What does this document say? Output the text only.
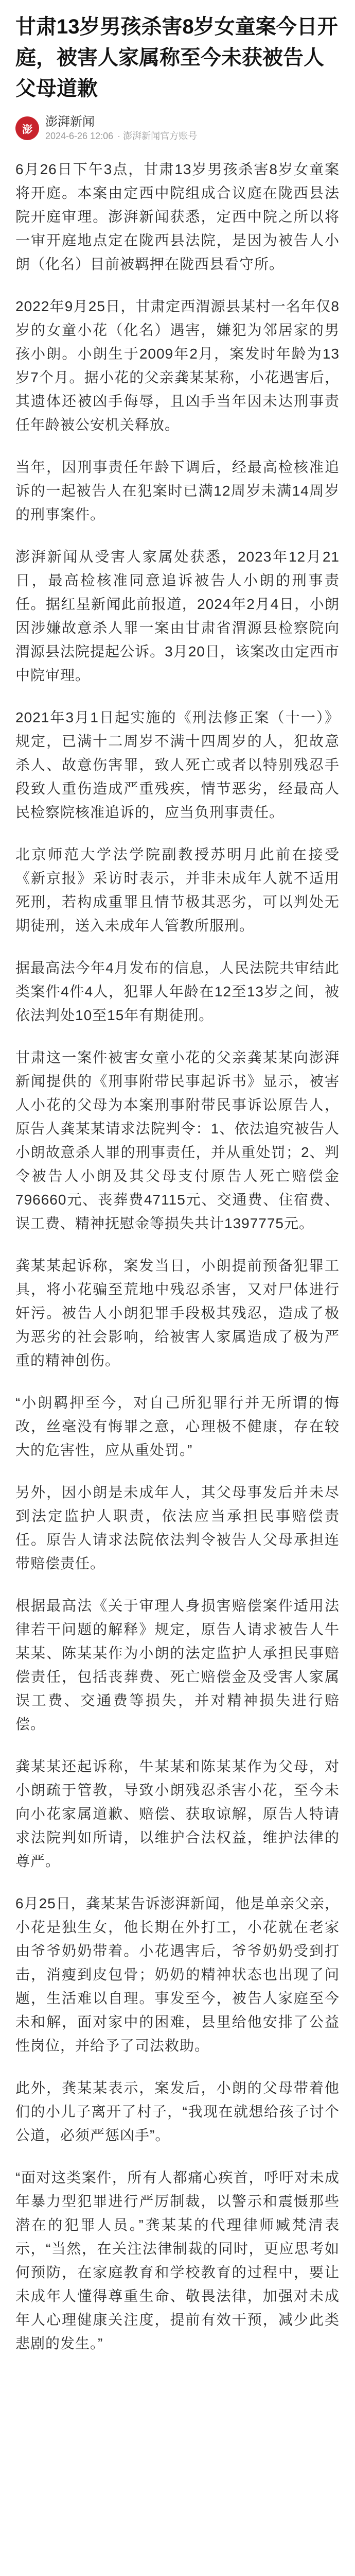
甘肃13岁男孩杀害8岁女童案今日开庭，被害人家属称至今未获被告人父母道歉
澎
澎湃新闻
2024-6-26 12:06 · 澎湃新闻官方账号

6月26日下午3点，甘肃13岁男孩杀害8岁女童案将开庭。本案由定西中院组成合议庭在陇西县法院开庭审理。澎湃新闻获悉，定西中院之所以将一审开庭地点定在陇西县法院，是因为被告人小朗（化名）目前被羁押在陇西县看守所。

2022年9月25日，甘肃定西渭源县某村一名年仅8岁的女童小花（化名）遇害，嫌犯为邻居家的男孩小朗。小朗生于2009年2月，案发时年龄为13岁7个月。据小花的父亲龚某某称，小花遇害后，其遗体还被凶手侮辱，且凶手当年因未达刑事责任年龄被公安机关释放。

当年，因刑事责任年龄下调后，经最高检核准追诉的一起被告人在犯案时已满12周岁未满14周岁的刑事案件。

澎湃新闻从受害人家属处获悉，2023年12月21日，最高检核准同意追诉被告人小朗的刑事责任。据红星新闻此前报道，2024年2月4日，小朗因涉嫌故意杀人罪一案由甘肃省渭源县检察院向渭源县法院提起公诉。3月20日，该案改由定西市中院审理。

2021年3月1日起实施的《刑法修正案（十一）》规定，已满十二周岁不满十四周岁的人，犯故意杀人、故意伤害罪，致人死亡或者以特别残忍手段致人重伤造成严重残疾，情节恶劣，经最高人民检察院核准追诉的，应当负刑事责任。

北京师范大学法学院副教授苏明月此前在接受《新京报》采访时表示，并非未成年人就不适用死刑，若构成重罪且情节极其恶劣，可以判处无期徒刑，送入未成年人管教所服刑。

据最高法今年4月发布的信息，人民法院共审结此类案件4件4人，犯罪人年龄在12至13岁之间，被依法判处10至15年有期徒刑。

甘肃这一案件被害女童小花的父亲龚某某向澎湃新闻提供的《刑事附带民事起诉书》显示，被害人小花的父母为本案刑事附带民事诉讼原告人，原告人龚某某请求法院判令：1、依法追究被告人小朗故意杀人罪的刑事责任，并从重处罚；2、判令被告人小朗及其父母支付原告人死亡赔偿金796660元、丧葬费47115元、交通费、住宿费、误工费、精神抚慰金等损失共计1397775元。

龚某某起诉称，案发当日，小朗提前预备犯罪工具，将小花骗至荒地中残忍杀害，又对尸体进行奸污。被告人小朗犯罪手段极其残忍，造成了极为恶劣的社会影响，给被害人家属造成了极为严重的精神创伤。

“小朗羁押至今，对自己所犯罪行并无所谓的悔改，丝毫没有悔罪之意，心理极不健康，存在较大的危害性，应从重处罚。”

另外，因小朗是未成年人，其父母事发后并未尽到法定监护人职责，依法应当承担民事赔偿责任。原告人请求法院依法判令被告人父母承担连带赔偿责任。

根据最高法《关于审理人身损害赔偿案件适用法律若干问题的解释》规定，原告人请求被告人牛某某、陈某某作为小朗的法定监护人承担民事赔偿责任，包括丧葬费、死亡赔偿金及受害人家属误工费、交通费等损失，并对精神损失进行赔偿。

龚某某还起诉称，牛某某和陈某某作为父母，对小朗疏于管教，导致小朗残忍杀害小花，至今未向小花家属道歉、赔偿、获取谅解，原告人特请求法院判如所请，以维护合法权益，维护法律的尊严。

6月25日，龚某某告诉澎湃新闻，他是单亲父亲，小花是独生女，他长期在外打工，小花就在老家由爷爷奶奶带着。小花遇害后，爷爷奶奶受到打击，消瘦到皮包骨；奶奶的精神状态也出现了问题，生活难以自理。事发至今，被告人家庭至今未和解，面对家中的困难，县里给他安排了公益性岗位，并给予了司法救助。

此外，龚某某表示，案发后，小朗的父母带着他们的小儿子离开了村子，“我现在就想给孩子讨个公道，必须严惩凶手”。

“面对这类案件，所有人都痛心疾首，呼吁对未成年暴力型犯罪进行严厉制裁，以警示和震慑那些潜在的犯罪人员。”龚某某的代理律师臧梵清表示，“当然，在关注法律制裁的同时，更应思考如何预防，在家庭教育和学校教育的过程中，要让未成年人懂得尊重生命、敬畏法律，加强对未成年人心理健康关注度，提前有效干预，减少此类悲剧的发生。”
